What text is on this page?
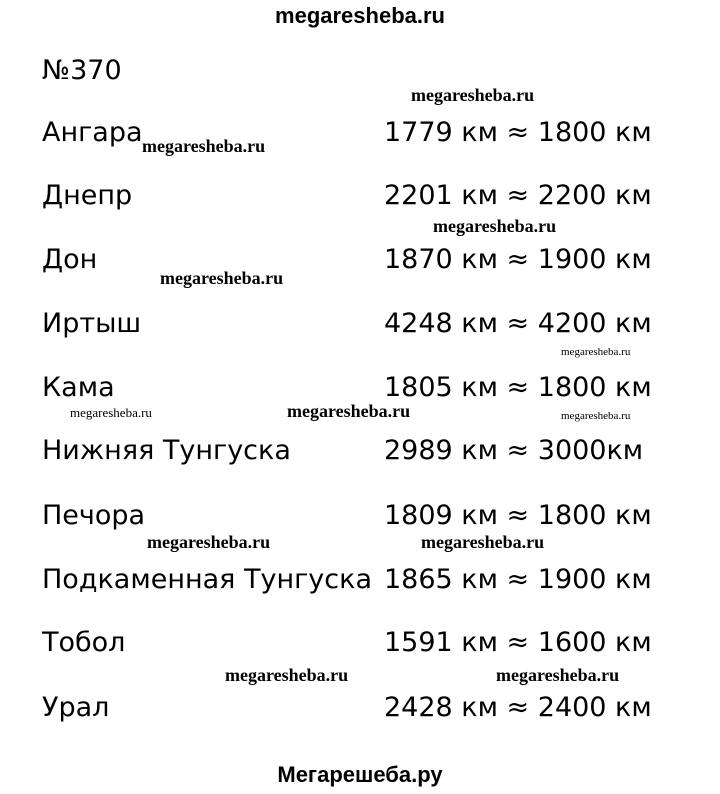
megaresheba.ru
№370
Ангара	1779 км ≈ 1800 км
Днепр	2201 км ≈ 2200 км
Дон	1870 км ≈ 1900 км
Иртыш	4248 км ≈ 4200 км
Кама	1805 км ≈ 1800 км
Нижняя Тунгуска	2989 км ≈ 3000км
Печора	1809 км ≈ 1800 км
Подкаменная Тунгуска 1865 км ≈ 1900 км
Тобол	1591 км ≈ 1600 км
Урал	2428 км ≈ 2400 км
megaresheba.ru
megaresheba.ru
megaresheba.ru
megaresheba.ru
megaresheba.ru
megaresheba.ru	megaresheba.ru	megaresheba.ru
megaresheba.ru	megaresheba.ru
megaresheba.ru	megaresheba.ru
Мегарешеба.ру
